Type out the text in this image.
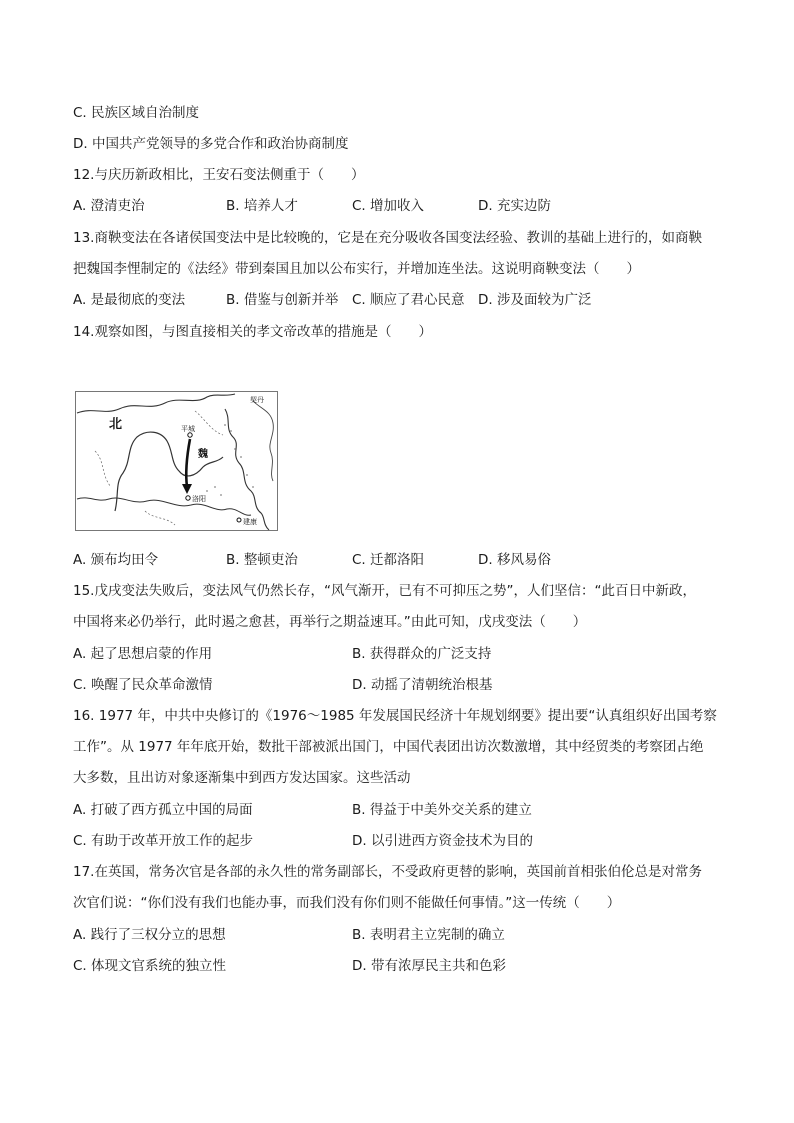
C. 民族区域自治制度
D. 中国共产党领导的多党合作和政治协商制度
12.与庆历新政相比，王安石变法侧重于（　　）
A. 澄清吏治	B. 培养人才	C. 增加收入	D. 充实边防
13.商鞅变法在各诸侯国变法中是比较晚的，它是在充分吸收各国变法经验、教训的基础上进行的，如商鞅
把魏国李悝制定的《法经》带到秦国且加以公布实行，并增加连坐法。这说明商鞅变法（　　）
A. 是最彻底的变法	B. 借鉴与创新并举 C. 顺应了君心民意 D. 涉及面较为广泛
14.观察如图，与图直接相关的孝文帝改革的措施是（　　）
北
魏
平城
洛阳
建康
契丹
A. 颁布均田令	B. 整顿吏治	C. 迁都洛阳	D. 移风易俗
15.戊戌变法失败后，变法风气仍然长存，“风气渐开，已有不可抑压之势”，人们坚信：“此百日中新政，
中国将来必仍举行，此时遏之愈甚，再举行之期益速耳。”由此可知，戊戌变法（　　）
A. 起了思想启蒙的作用	B. 获得群众的广泛支持
C. 唤醒了民众革命激情	D. 动摇了清朝统治根基
16. 1977 年，中共中央修订的《1976～1985 年发展国民经济十年规划纲要》提出要“认真组织好出国考察
工作”。从 1977 年年底开始，数批干部被派出国门，中国代表团出访次数激增，其中经贸类的考察团占绝
大多数，且出访对象逐渐集中到西方发达国家。这些活动
A. 打破了西方孤立中国的局面	B. 得益于中美外交关系的建立
C. 有助于改革开放工作的起步	D. 以引进西方资金技术为目的
17.在英国，常务次官是各部的永久性的常务副部长，不受政府更替的影响，英国前首相张伯伦总是对常务
次官们说：“你们没有我们也能办事，而我们没有你们则不能做任何事情。”这一传统（　　）
A. 践行了三权分立的思想	B. 表明君主立宪制的确立
C. 体现文官系统的独立性	D. 带有浓厚民主共和色彩
